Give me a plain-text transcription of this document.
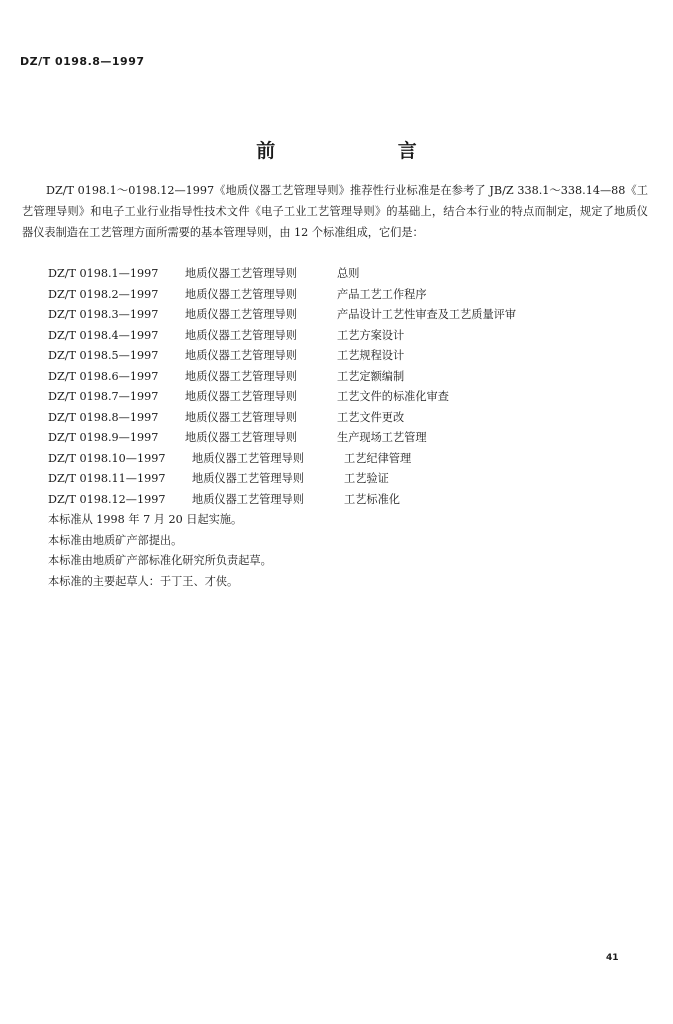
DZ/T 0198.8—1997
前 言

DZ/T 0198.1～0198.12—1997《地质仪器工艺管理导则》推荐性行业标准是在参考了 JB/Z 338.1～338.14—88《工艺管理导则》和电子工业行业指导性技术文件《电子工业工艺管理导则》的基础上，结合本行业的特点而制定，规定了地质仪器仪表制造在工艺管理方面所需要的基本管理导则，由 12 个标准组成，它们是：

DZ/T 0198.1—1997 地质仪器工艺管理导则	总则
DZ/T 0198.2—1997 地质仪器工艺管理导则	产品工艺工作程序
DZ/T 0198.3—1997 地质仪器工艺管理导则	产品设计工艺性审查及工艺质量评审
DZ/T 0198.4—1997 地质仪器工艺管理导则	工艺方案设计
DZ/T 0198.5—1997 地质仪器工艺管理导则	工艺规程设计
DZ/T 0198.6—1997 地质仪器工艺管理导则	工艺定额编制
DZ/T 0198.7—1997 地质仪器工艺管理导则	工艺文件的标准化审查
DZ/T 0198.8—1997 地质仪器工艺管理导则	工艺文件更改
DZ/T 0198.9—1997 地质仪器工艺管理导则	生产现场工艺管理
DZ/T 0198.10—1997 地质仪器工艺管理导则	工艺纪律管理
DZ/T 0198.11—1997 地质仪器工艺管理导则	工艺验证
DZ/T 0198.12—1997 地质仪器工艺管理导则	工艺标准化
本标准从 1998 年 7 月 20 日起实施。
本标准由地质矿产部提出。
本标准由地质矿产部标准化研究所负责起草。
本标准的主要起草人：于丁王、才侠。
41
